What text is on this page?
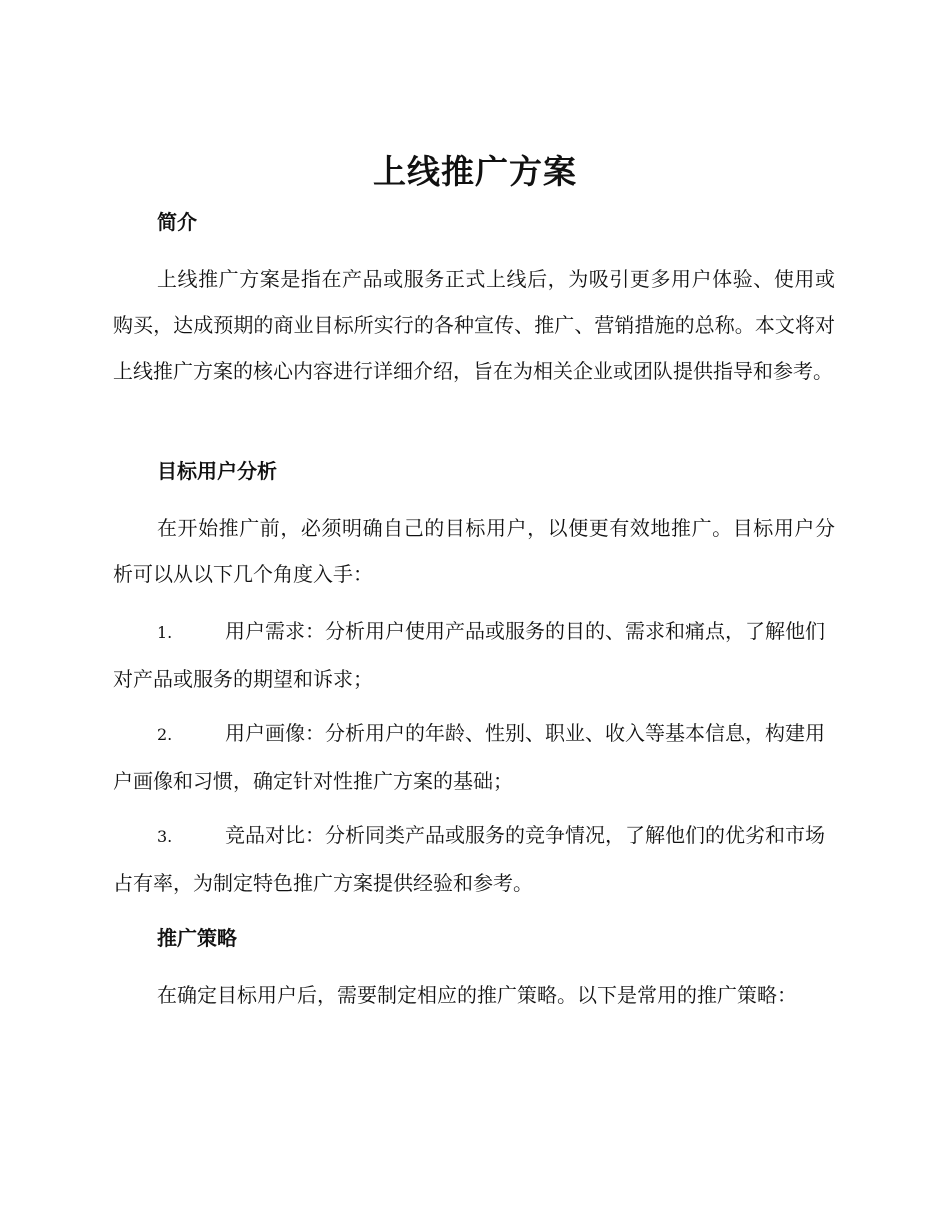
上线推广方案
简介

上线推广方案是指在产品或服务正式上线后，为吸引更多用户体验、使用或购买，达成预期的商业目标所实行的各种宣传、推广、营销措施的总称。本文将对上线推广方案的核心内容进行详细介绍，旨在为相关企业或团队提供指导和参考。

目标用户分析

在开始推广前，必须明确自己的目标用户，以便更有效地推广。目标用户分析可以从以下几个角度入手：

1.	用户需求：分析用户使用产品或服务的目的、需求和痛点，了解他们对产品或服务的期望和诉求；

2.	用户画像：分析用户的年龄、性别、职业、收入等基本信息，构建用户画像和习惯，确定针对性推广方案的基础；

3.	竞品对比：分析同类产品或服务的竞争情况，了解他们的优劣和市场占有率，为制定特色推广方案提供经验和参考。

推广策略

在确定目标用户后，需要制定相应的推广策略。以下是常用的推广策略：
